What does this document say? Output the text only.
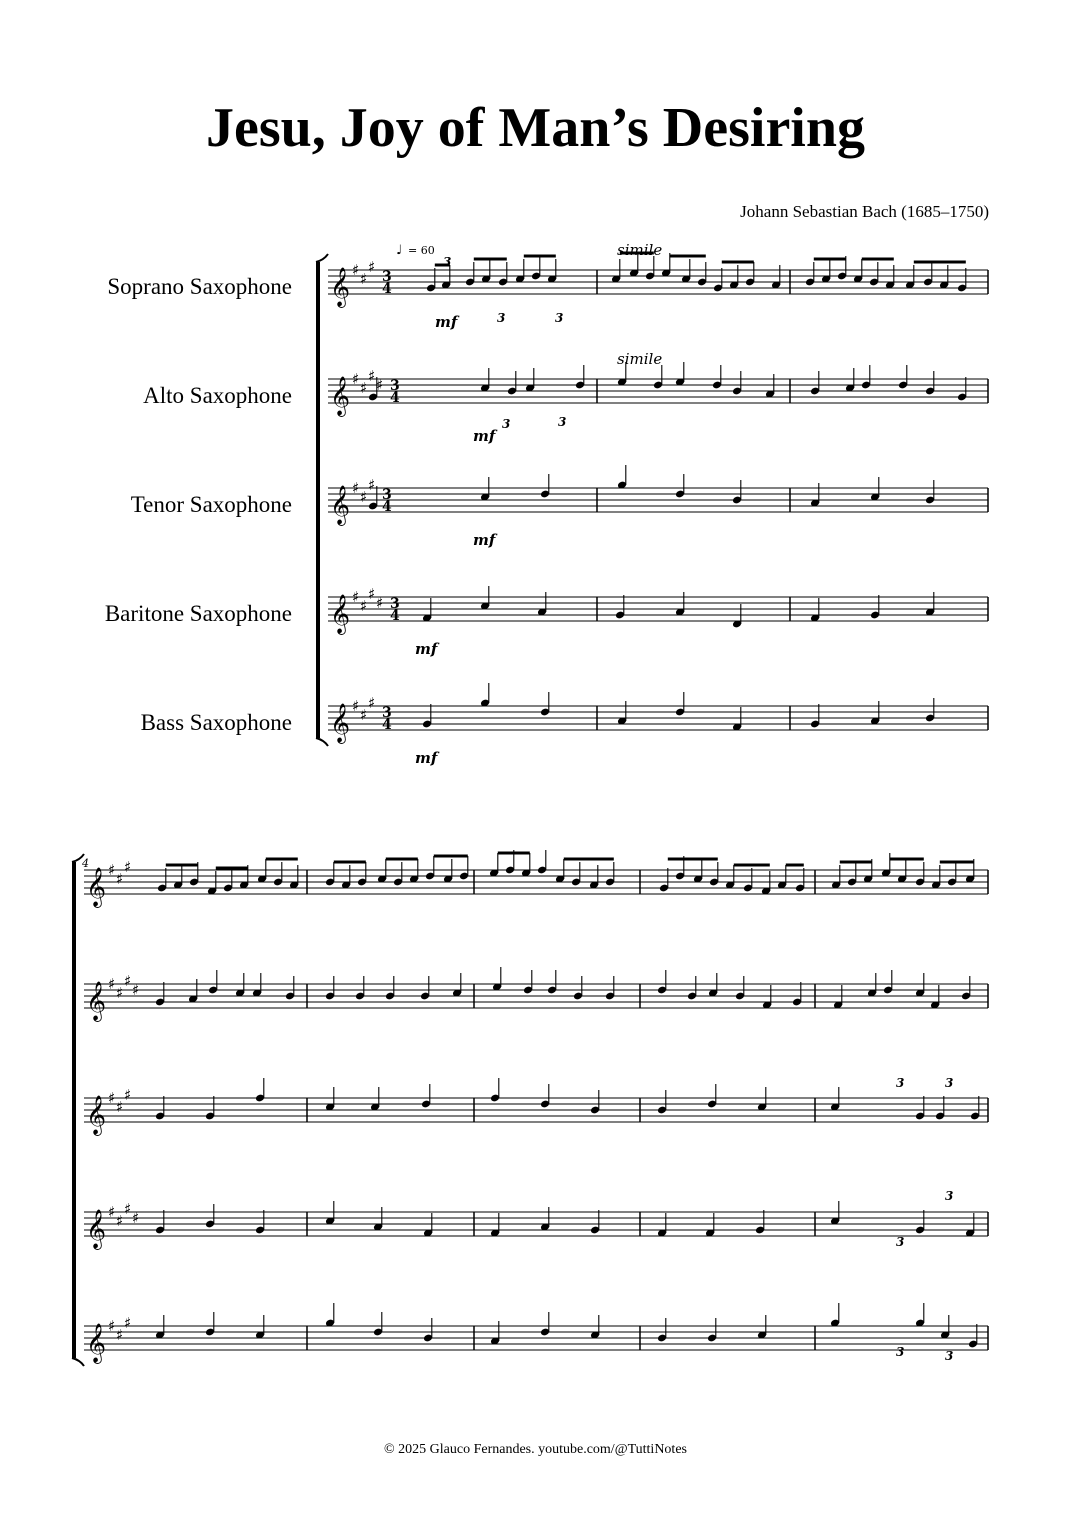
Jesu, Joy of Man’s Desiring
Johann Sebastian Bach (1685–1750)
Soprano Saxophone
Alto Saxophone
Tenor Saxophone
Baritone Saxophone
Bass Saxophone
3
4
3
4
3
4
3
4
3
4
𝄞 ♯ ♯
♯
𝄞 ♯ ♯
♯ ♯
𝄞 ♯ ♯
♯
𝄞 ♯ ♯
♯ ♯
𝄞 ♯ ♯
♯
♩ = 60	simile
simile
mf
mf
mf
mf
mf
3
3	3
3	3
𝄞 ♯ ♯
♯
𝄞 ♯ ♯
♯ ♯
𝄞 ♯ ♯
♯
𝄞 ♯ ♯
♯ ♯
𝄞 ♯ ♯
♯
4
3	3
3
3
3	3
© 2025 Glauco Fernandes. youtube.com/@TuttiNotes
